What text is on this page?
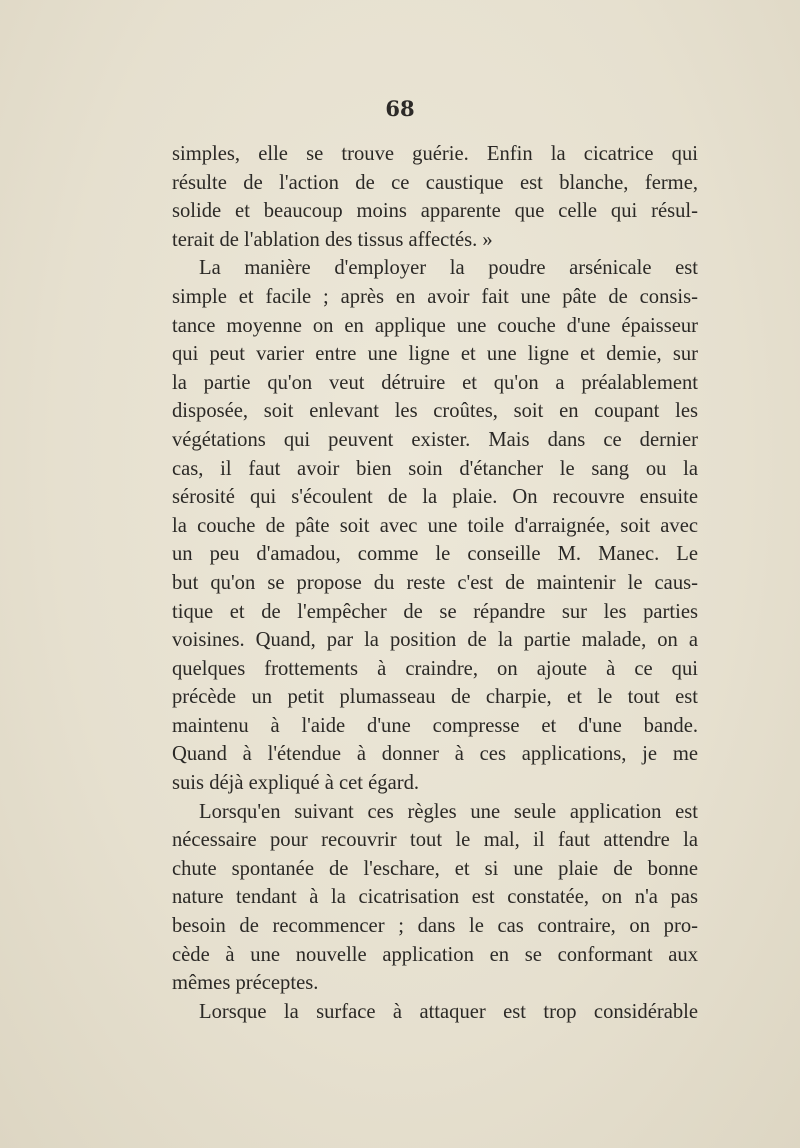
68
simples, elle se trouve guérie. Enfin la cicatrice qui
résulte de l'action de ce caustique est blanche, ferme,
solide et beaucoup moins apparente que celle qui résul-
terait de l'ablation des tissus affectés. »
La manière d'employer la poudre arsénicale est
simple et facile ; après en avoir fait une pâte de consis-
tance moyenne on en applique une couche d'une épaisseur
qui peut varier entre une ligne et une ligne et demie, sur
la partie qu'on veut détruire et qu'on a préalablement
disposée, soit enlevant les croûtes, soit en coupant les
végétations qui peuvent exister. Mais dans ce dernier
cas, il faut avoir bien soin d'étancher le sang ou la
sérosité qui s'écoulent de la plaie. On recouvre ensuite
la couche de pâte soit avec une toile d'arraignée, soit avec
un peu d'amadou, comme le conseille M. Manec. Le
but qu'on se propose du reste c'est de maintenir le caus-
tique et de l'empêcher de se répandre sur les parties
voisines. Quand, par la position de la partie malade, on a
quelques frottements à craindre, on ajoute à ce qui
précède un petit plumasseau de charpie, et le tout est
maintenu à l'aide d'une compresse et d'une bande.
Quand à l'étendue à donner à ces applications, je me
suis déjà expliqué à cet égard.
Lorsqu'en suivant ces règles une seule application est
nécessaire pour recouvrir tout le mal, il faut attendre la
chute spontanée de l'eschare, et si une plaie de bonne
nature tendant à la cicatrisation est constatée, on n'a pas
besoin de recommencer ; dans le cas contraire, on pro-
cède à une nouvelle application en se conformant aux
mêmes préceptes.
Lorsque la surface à attaquer est trop considérable
